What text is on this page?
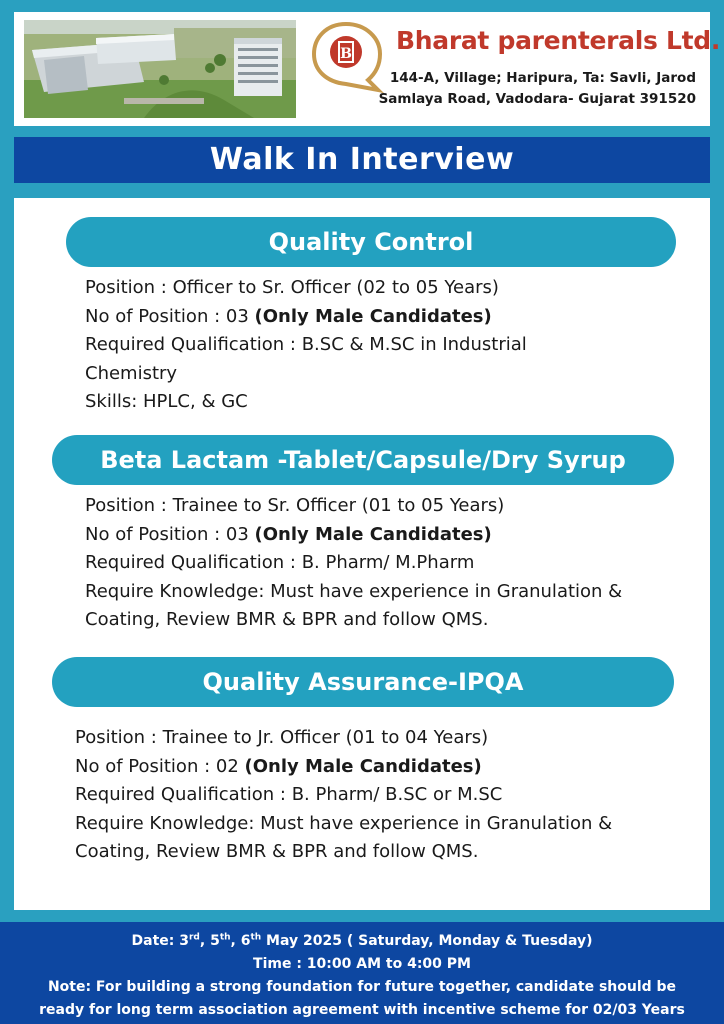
B Bharat parenterals Ltd.
144-A, Village; Haripura, Ta: Savli, Jarod
Samlaya Road, Vadodara- Gujarat 391520
Walk In Interview
Quality Control
Position : Officer to Sr. Officer (02 to 05 Years)
No of Position : 03 (Only Male Candidates)
Required Qualification : B.SC & M.SC in Industrial
Chemistry
Skills: HPLC, & GC
Beta Lactam -Tablet/Capsule/Dry Syrup
Position : Trainee to Sr. Officer (01 to 05 Years)
No of Position : 03 (Only Male Candidates)
Required Qualification : B. Pharm/ M.Pharm
Require Knowledge: Must have experience in Granulation &
Coating, Review BMR & BPR and follow QMS.
Quality Assurance-IPQA
Position : Trainee to Jr. Officer (01 to 04 Years)
No of Position : 02 (Only Male Candidates)
Required Qualification : B. Pharm/ B.SC or M.SC
Require Knowledge: Must have experience in Granulation &
Coating, Review BMR & BPR and follow QMS.
Date: 3rd, 5th, 6th May 2025 ( Saturday, Monday & Tuesday)
Time : 10:00 AM to 4:00 PM
Note: For building a strong foundation for future together, candidate should be
ready for long term association agreement with incentive scheme for 02/03 Years
